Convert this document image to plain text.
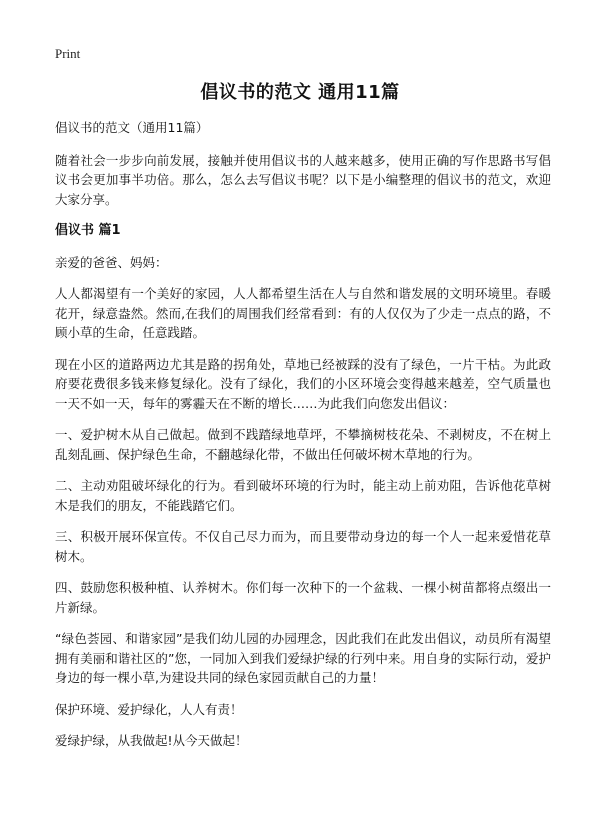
Print
倡议书的范文 通用11篇

倡议书的范文（通用11篇）

随着社会一步步向前发展，接触并使用倡议书的人越来越多，使用正确的写作思路书写倡议书会更加事半功倍。那么，怎么去写倡议书呢？以下是小编整理的倡议书的范文，欢迎大家分享。

倡议书 篇1

亲爱的爸爸、妈妈：

人人都渴望有一个美好的家园，人人都希望生活在人与自然和谐发展的文明环境里。春暖花开，绿意盎然。然而,在我们的周围我们经常看到：有的人仅仅为了少走一点点的路，不顾小草的生命，任意践踏。

现在小区的道路两边尤其是路的拐角处，草地已经被踩的没有了绿色，一片干枯。为此政府要花费很多钱来修复绿化。没有了绿化，我们的小区环境会变得越来越差，空气质量也一天不如一天，每年的雾霾天在不断的增长……为此我们向您发出倡议：

一、爱护树木从自己做起。做到不践踏绿地草坪，不攀摘树枝花朵、不剥树皮，不在树上乱刻乱画、保护绿色生命，不翻越绿化带，不做出任何破坏树木草地的行为。

二、主动劝阻破坏绿化的行为。看到破坏环境的行为时，能主动上前劝阻，告诉他花草树木是我们的朋友，不能践踏它们。

三、积极开展环保宣传。不仅自己尽力而为，而且要带动身边的每一个人一起来爱惜花草树木。

四、鼓励您积极种植、认养树木。你们每一次种下的一个盆栽、一棵小树苗都将点缀出一片新绿。

“绿色荟园、和谐家园”是我们幼儿园的办园理念，因此我们在此发出倡议，动员所有渴望拥有美丽和谐社区的”您，一同加入到我们爱绿护绿的行列中来。用自身的实际行动，爱护身边的每一棵小草,为建设共同的绿色家园贡献自己的力量！

保护环境、爱护绿化，人人有责！

爱绿护绿，从我做起!从今天做起！
